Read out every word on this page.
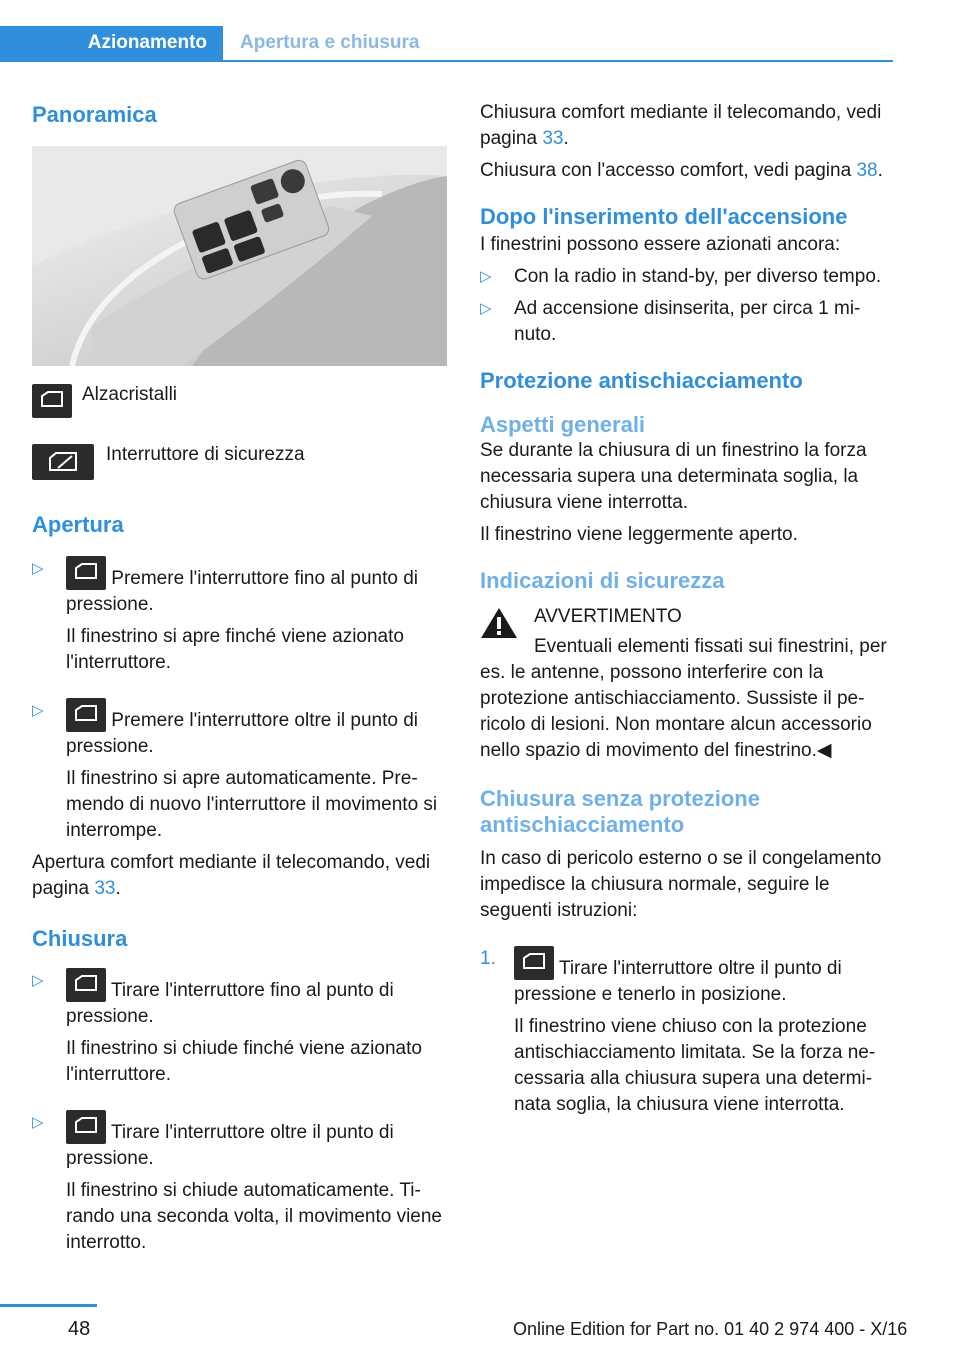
Azionamento	Apertura e chiusura
Panoramica
Alzacristalli
Interruttore di sicurezza
Apertura
▷	Premere l'interruttore fino al punto di pressione.

Il finestrino si apre finché viene azionato l'interruttore.

▷	Premere l'interruttore oltre il punto di pressione.

Il finestrino si apre automaticamente. Premendo di nuovo l'interruttore il movimento si interrompe.

Apertura comfort mediante il telecomando, vedi pagina 33.

Chiusura
▷	Tirare l'interruttore fino al punto di pressione.

Il finestrino si chiude finché viene azionato l'interruttore.

▷	Tirare l'interruttore oltre il punto di pressione.

Il finestrino si chiude automaticamente. Tirando una seconda volta, il movimento viene interrotto.

Chiusura comfort mediante il telecomando, vedi pagina 33.

Chiusura con l'accesso comfort, vedi pagina 38.

Dopo l'inserimento dell'accensione

I finestrini possono essere azionati ancora:

▷ Con la radio in stand-by, per diverso tempo.

▷ Ad accensione disinserita, per circa 1 minuto.

Protezione antischiacciamento
Aspetti generali

Se durante la chiusura di un finestrino la forza necessaria supera una determinata soglia, la chiusura viene interrotta.

Il finestrino viene leggermente aperto.

Indicazioni di sicurezza

AVVERTIMENTO

Eventuali elementi fissati sui finestrini, per es. le antenne, possono interferire con la protezione antischiacciamento. Sussiste il pericolo di lesioni. Non montare alcun accessorio nello spazio di movimento del finestrino.◀

Chiusura senza protezione antischiacciamento

In caso di pericolo esterno o se il congelamento impedisce la chiusura normale, seguire le seguenti istruzioni:

1.	Tirare l'interruttore oltre il punto di pressione e tenerlo in posizione.

Il finestrino viene chiuso con la protezione antischiacciamento limitata. Se la forza necessaria alla chiusura supera una determinata soglia, la chiusura viene interrotta.

48	Online Edition for Part no. 01 40 2 974 400 - X/16
